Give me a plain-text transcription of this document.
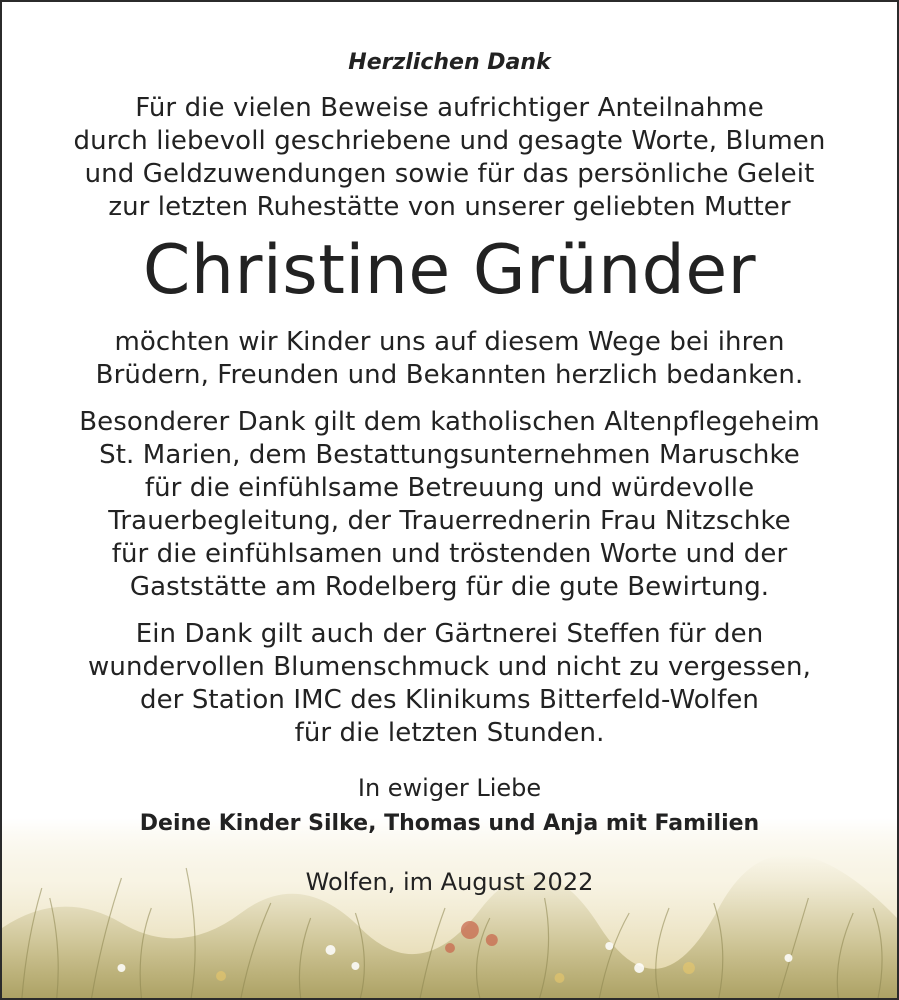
Herzlichen Dank

Für die vielen Beweise aufrichtiger Anteilnahme
durch liebevoll geschriebene und gesagte Worte, Blumen
und Geldzuwendungen sowie für das persönliche Geleit
zur letzten Ruhestätte von unserer geliebten Mutter

Christine Gründer

möchten wir Kinder uns auf diesem Wege bei ihren
Brüdern, Freunden und Bekannten herzlich bedanken.

Besonderer Dank gilt dem katholischen Altenpflegeheim
St. Marien, dem Bestattungsunternehmen Maruschke
für die einfühlsame Betreuung und würdevolle
Trauerbegleitung, der Trauerrednerin Frau Nitzschke
für die einfühlsamen und tröstenden Worte und der
Gaststätte am Rodelberg für die gute Bewirtung.

Ein Dank gilt auch der Gärtnerei Steffen für den
wundervollen Blumenschmuck und nicht zu vergessen,
der Station IMC des Klinikums Bitterfeld-Wolfen
für die letzten Stunden.

In ewiger Liebe

Deine Kinder Silke, Thomas und Anja mit Familien

Wolfen, im August 2022
